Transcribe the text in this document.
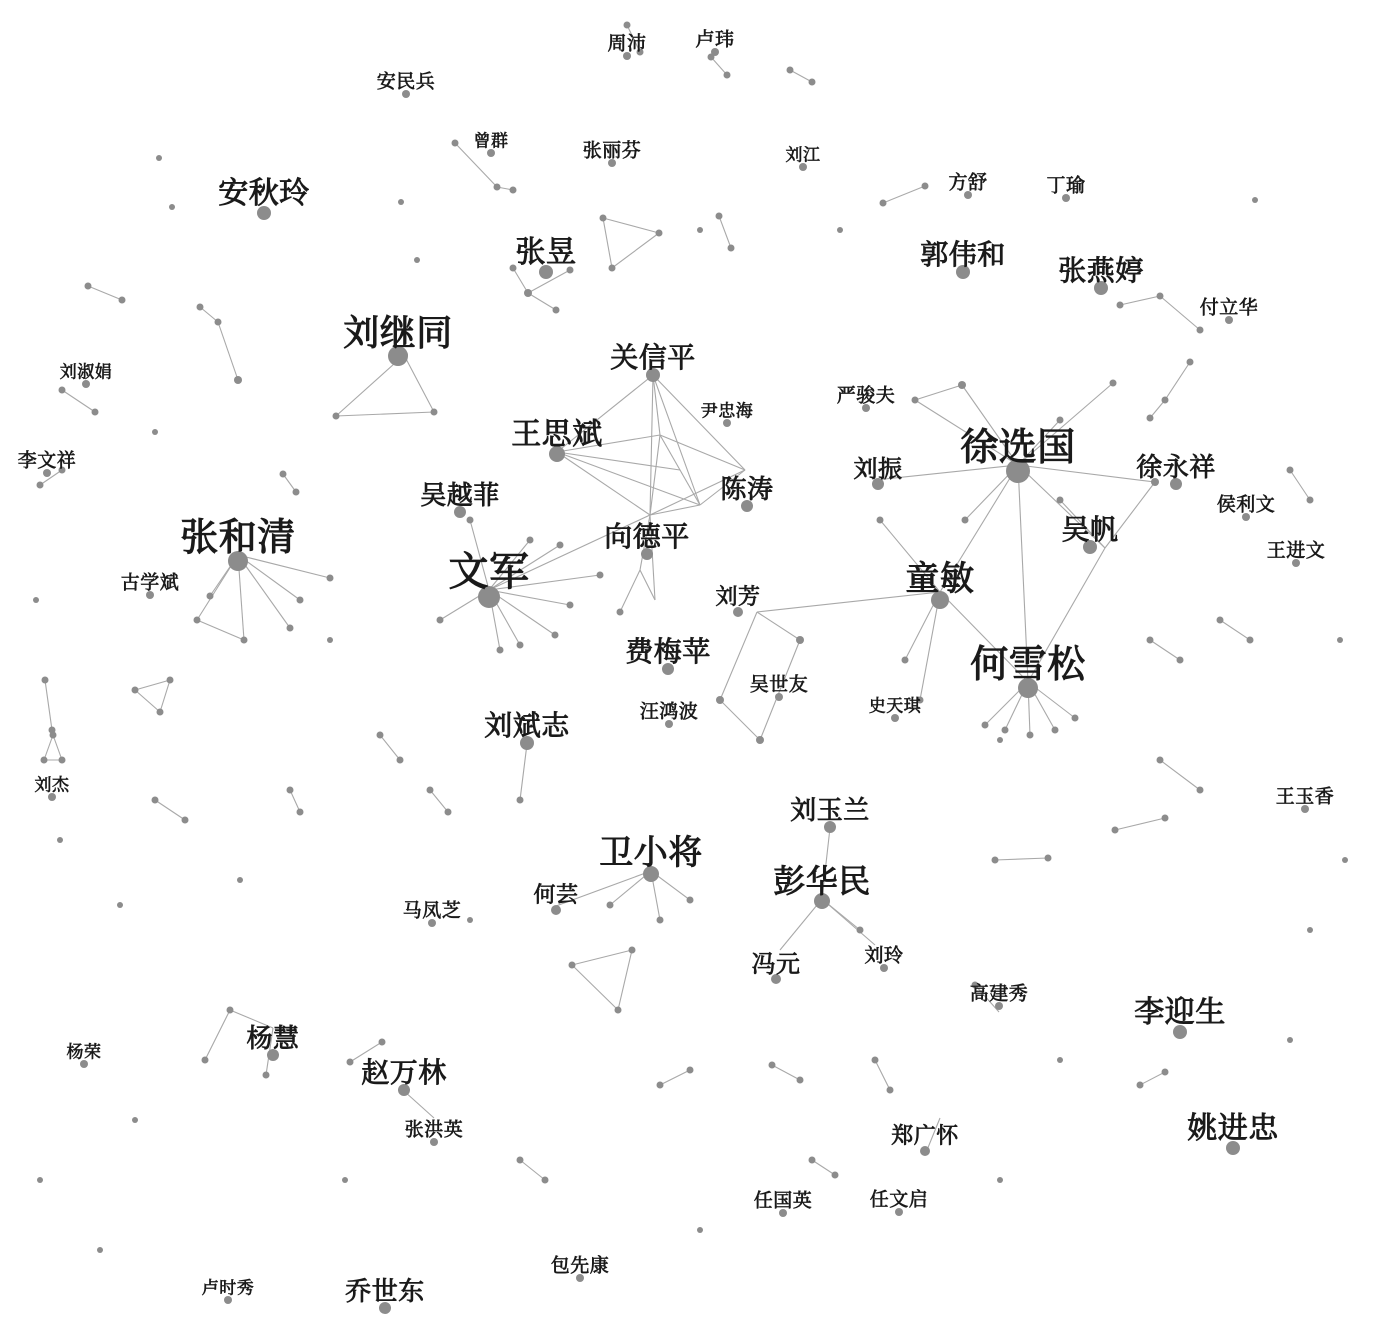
周沛	卢玮
安民兵
曾群	张丽芬	刘江
方舒	丁瑜
安秋玲
张昱	郭伟和 张燕婷
付立华
刘继同
关信平
刘淑娟
严骏夫
尹忠海
王思斌	徐选国
李文祥	刘振	徐永祥
陈涛
吴越菲	侯利文
向德平
张和清	吴帆
王进文
文军	童敏
古学斌
刘芳
费梅苹	何雪松
吴世友
史天琪
汪鸿波
刘斌志
刘杰	王玉香
刘玉兰
卫小将
彭华民
何芸
马凤芝
冯元	刘玲
高建秀
李迎生
杨慧
杨荣
赵万林
姚进忠
张洪英	郑广怀
任国英	任文启
包先康
卢时秀	乔世东
